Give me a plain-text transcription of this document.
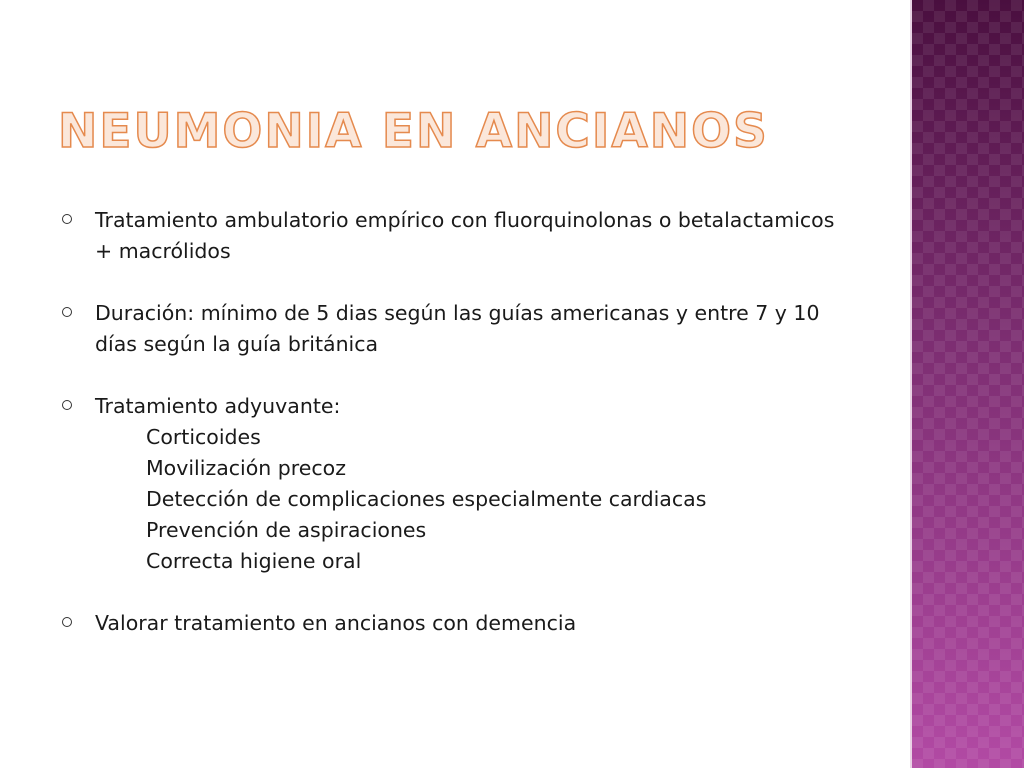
NEUMONIA EN ANCIANOS
Tratamiento ambulatorio empírico con fluorquinolonas o betalactamicos + macrólidos
Duración: mínimo de 5 dias según las guías americanas y entre 7 y 10 días según la guía británica
Tratamiento adyuvante:
Corticoides
Movilización precoz
Detección de complicaciones especialmente cardiacas
Prevención de aspiraciones
Correcta higiene oral
Valorar tratamiento en ancianos con demencia
